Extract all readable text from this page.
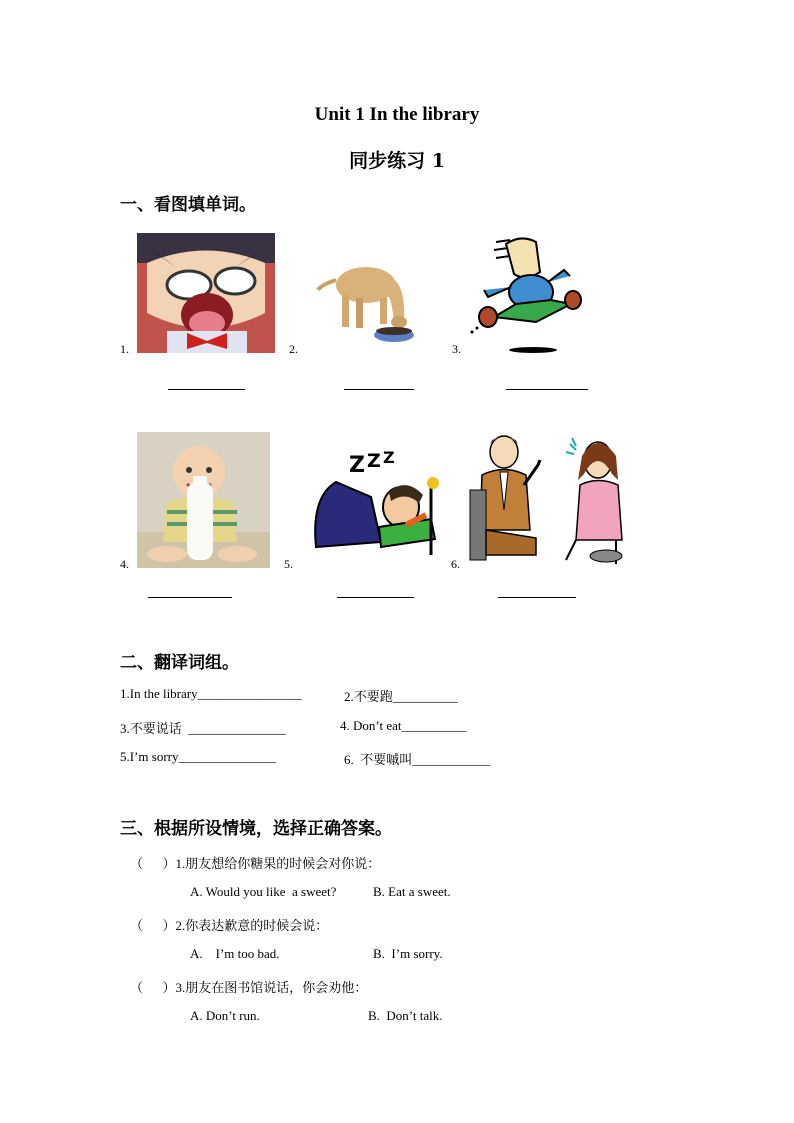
Unit 1 In the library
同步练习 1
一、看图填单词。
1.	2.	3.
4.	5.
Z Z Z
6.
二、翻译词组。
1.In the library________________	2.不要跑__________
3.不要说话  _______________	4. Don’t eat__________
5.I’m sorry_______________	6.  不要嘁叫____________
三、根据所设情境，选择正确答案。
（      ）1.朋友想给你糖果的时候会对你说：
A. Would you like  a sweet?	B. Eat a sweet.
（      ）2.你表达歉意的时候会说：
A.    I’m too bad.	B.  I’m sorry.
（      ）3.朋友在图书馆说话，你会劝他：
A. Don’t run.	B.  Don’t talk.
